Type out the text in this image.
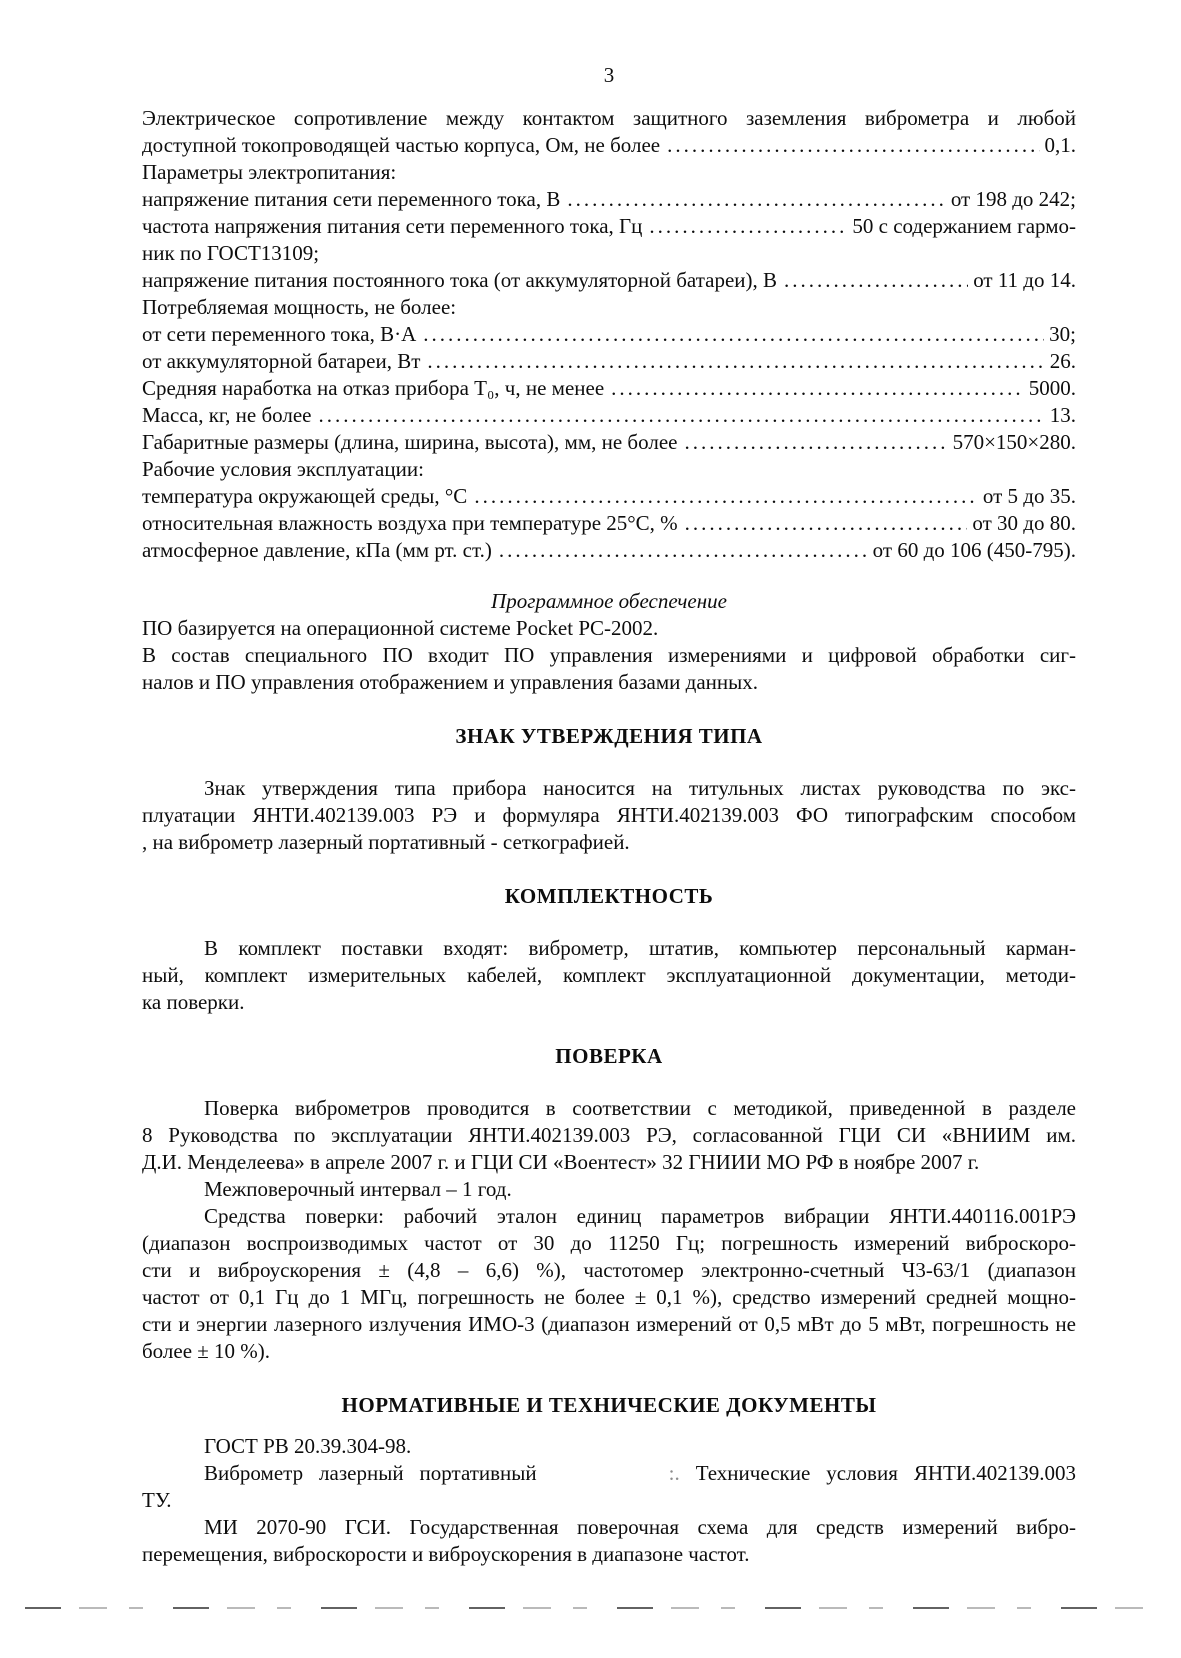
3
Электрическое сопротивление между контактом защитного заземления виброметра и любой
доступной токопроводящей частью корпуса, Ом, не более .....	0,1.
Параметры электропитания:
напряжение питания сети переменного тока, В .....	от 198 до 242;
частота напряжения питания сети переменного тока, Гц .....	50 с содержанием гармо-
ник по ГОСТ13109;
напряжение питания постоянного тока (от аккумуляторной батареи), В .....	от 11 до 14.
Потребляемая мощность, не более:
от сети переменного тока, В·А .....	30;
от аккумуляторной батареи, Вт .....	26.
Средняя наработка на отказ прибора Т₀, ч, не менее .....	5000.
Масса, кг, не более .....	13.
Габаритные размеры (длина, ширина, высота), мм, не более .....	570×150×280.
Рабочие условия эксплуатации:
температура окружающей среды, °С .....	от 5 до 35.
относительная влажность воздуха при температуре 25°С, % .....	от 30 до 80.
атмосферное давление, кПа (мм рт. ст.) .....	от 60 до 106 (450-795).
Программное обеспечение
ПО базируется на операционной системе Pocket PC-2002.
В состав специального ПО входит ПО управления измерениями и цифровой обработки сиг-
налов и ПО управления отображением и управления базами данных.
ЗНАК УТВЕРЖДЕНИЯ ТИПА
Знак утверждения типа прибора наносится на титульных листах руководства по экс-
плуатации ЯНТИ.402139.003 РЭ и формуляра ЯНТИ.402139.003 ФО типографским способом
, на виброметр лазерный портативный - сеткографией.
КОМПЛЕКТНОСТЬ
В комплект поставки входят: виброметр, штатив, компьютер персональный карман-
ный, комплект измерительных кабелей, комплект эксплуатационной документации, методи-
ка поверки.
ПОВЕРКА
Поверка виброметров проводится в соответствии с методикой, приведенной в разделе
8 Руководства по эксплуатации ЯНТИ.402139.003 РЭ, согласованной ГЦИ СИ «ВНИИМ им.
Д.И. Менделеева» в апреле 2007 г. и ГЦИ СИ «Воентест» 32 ГНИИИ МО РФ в ноябре 2007 г.
Межповерочный интервал – 1 год.
Средства поверки: рабочий эталон единиц параметров вибрации ЯНТИ.440116.001РЭ
(диапазон воспроизводимых частот от 30 до 11250 Гц; погрешность измерений виброскоро-
сти и виброускорения ± (4,8 – 6,6) %), частотомер электронно-счетный Ч3-63/1 (диапазон
частот от 0,1 Гц до 1 МГц, погрешность не более ± 0,1 %), средство измерений средней мощно-
сти и энергии лазерного излучения ИМО-3 (диапазон измерений от 0,5 мВт до 5 мВт, погрешность не
более ± 10 %).
НОРМАТИВНЫЕ И ТЕХНИЧЕСКИЕ ДОКУМЕНТЫ
ГОСТ РВ 20.39.304-98.
Виброметр лазерный портативный	:. Технические условия ЯНТИ.402139.003
ТУ.
МИ 2070-90 ГСИ. Государственная поверочная схема для средств измерений вибро-
перемещения, виброскорости и виброускорения в диапазоне частот.
